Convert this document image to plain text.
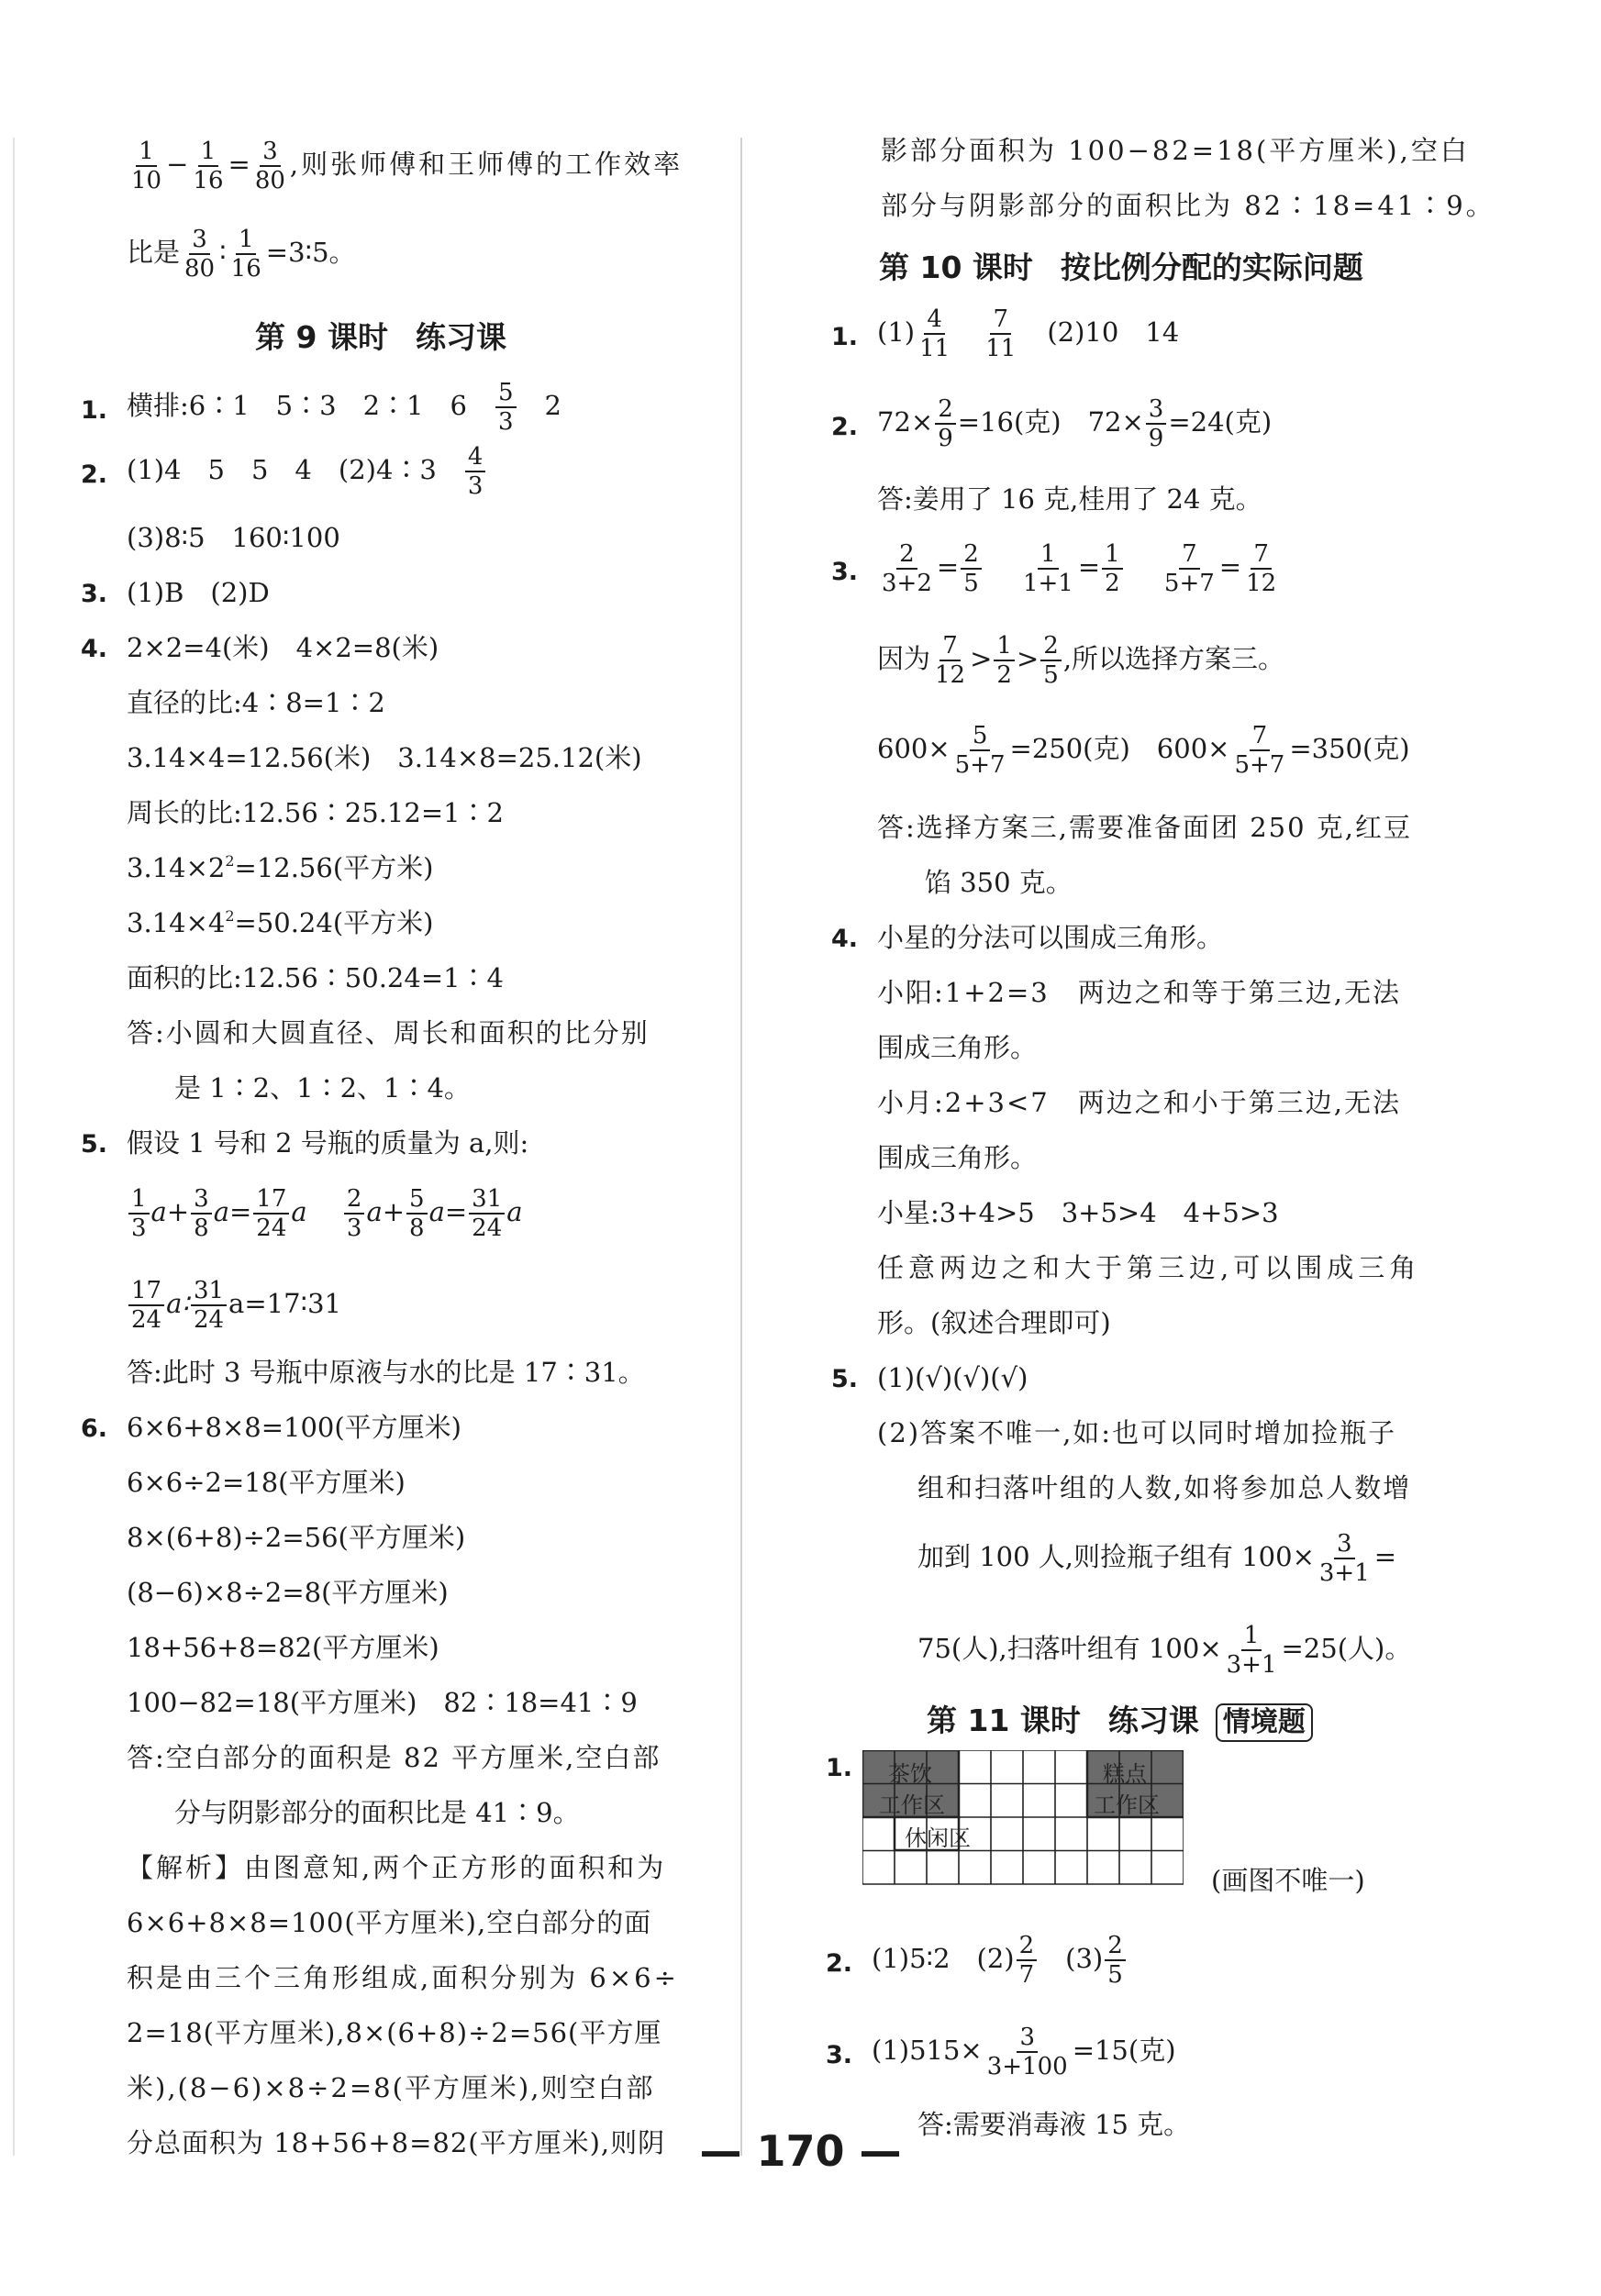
$\frac{1}{10} - \frac{1}{16} = \frac{3}{80}$ ,则张师傅和王师傅的工作效率
比是 $\frac{3}{80}$ ∶ $\frac{1}{16}$ =3∶5。
第 9 课时 练习课
1. 横排:6∶1　5∶3　2∶1　6　 $\frac{5}{3}$
　 2
2. (1)4　5　5　4　(2)4∶3　 $\frac{4}{3}$
(3)8∶5　160∶100
3. (1)B　(2)D
4. 2×2=4(米)　4×2=8(米)
直径的比:4∶8=1∶2
3.14×4=12.56(米)　3.14×8=25.12(米)
周长的比:12.56∶25.12=1∶2
$3.14\times 2^2=12.56$(平方米)
$3.14\times 4^2=50.24$(平方米)
面积的比:12.56∶50.24=1∶4
答:小圆和大圆直径、周长和面积的比分别
是 1∶2、1∶2、1∶4。
5. 假设 1 号和 2 号瓶的质量为 a,则:
$\frac{1}{3} a+ \frac{3}{8} a= \frac{17}{24}$ a　 $\frac{2}{3} a+ \frac{5}{8} a= \frac{31}{24}$ a
$\frac{17}{24}$ a∶ $\frac{31}{24}$ a=17∶31
答:此时 3 号瓶中原液与水的比是 17∶31。
6. 6×6+8×8=100(平方厘米)
6×6÷2=18(平方厘米)
8×(6+8)÷2=56(平方厘米)
(8−6)×8÷2=8(平方厘米)
18+56+8=82(平方厘米)
100−82=18(平方厘米)　82∶18=41∶9
答:空白部分的面积是 82 平方厘米,空白部
分与阴影部分的面积比是 41∶9。
【解析】由图意知,两个正方形的面积和为
6×6+8×8=100(平方厘米),空白部分的面
积是由三个三角形组成,面积分别为 6×6÷
2=18(平方厘米),8×(6+8)÷2=56(平方厘
米),(8−6)×8÷2=8(平方厘米),则空白部
分总面积为 18+56+8=82(平方厘米),则阴
影部分面积为 100−82=18(平方厘米),空白
部分与阴影部分的面积比为 82∶18=41∶9。
第 10 课时 按比例分配的实际问题
1. $(1) \frac{4}{11}$
　 $\frac{7}{11}$
　 (2)10　14
2. $72\times \frac{2}{9} =16$(克)　$72\times \frac{3}{9} =24$(克)
答:姜用了 16 克,桂用了 24 克。
3. $\frac{2}{3+2} = \frac{2}{5}$
　 $\frac{1}{1+1} = \frac{1}{2}$
　 $\frac{7}{5+7} = \frac{7}{12}$
因为 $\frac{7}{12} > \frac{1}{2} > \frac{2}{5}$ ,所以选择方案三。
$600\times \frac{5}{5+7} =250$(克)　$600\times \frac{7}{5+7} =350$(克)
答:选择方案三,需要准备面团 250 克,红豆
馅 350 克。
4. 小星的分法可以围成三角形。
小阳:1+2=3　两边之和等于第三边,无法
围成三角形。
小月:2+3<7　两边之和小于第三边,无法
围成三角形。
小星:3+4>5　3+5>4　4+5>3
任意两边之和大于第三边,可以围成三角
形。(叙述合理即可)
5. (1)(√)(√)(√)
(2)答案不唯一,如:也可以同时增加捡瓶子
组和扫落叶组的人数,如将参加总人数增
加到 100 人,则捡瓶子组有 $100\times \frac{3}{3+1}$ =
75(人),扫落叶组有 $100\times \frac{1}{3+1} =25$(人)。
第 11 课时 练习课 情境题
1. 茶饮
工作区
糕点
工作区
休闲区
(画图不唯一)
2. (1)5∶2　$(2) \frac{2}{7}$
　 $(3) \frac{2}{5}$
3. $(1)515\times \frac{3}{3+100} =15$(克)
答:需要消毒液 15 克。
— 170 —
